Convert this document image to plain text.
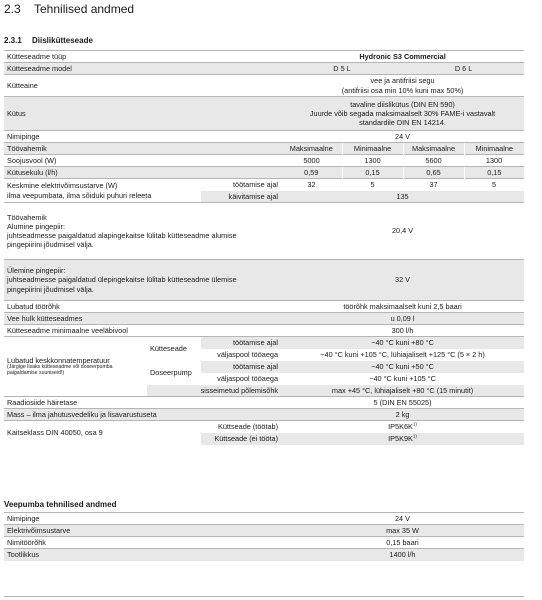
2.3 Tehnilised andmed
2.3.1 Diislikütteseade
Kütteseadme tüüp			Hydronic S3 Commercial			
Kütteseadme model			D 5 L		D 6 L	
Kütteaine			vee ja antifriisi segu
(antifriisi osa min 10% kuni max 50%)			

Kütus			tavaline diislikütus (DIN EN 590)
Juurde võib segada maksimaalselt 30% FAME-i vastavalt
standardile DIN EN 14214.			

Nimipinge			24 V			
Töövahemik			Maksimaalne	Minimaalne	Maksimaalne	Minimaalne
Soojusvool (W)			5000	1300	5600	1300
Kütusekulu (l/h)			0,59	0,15	0,65	0,15

Keskmine elektrivõimsustarve (W)
ilma veepumbata, ilma sõiduki puhuri releeta		töötamise ajal	32	5	37	5
		käivitamise ajal	135			

Töövahemik
Alumine pingepiir:
juhtseadmesse paigaldatud alapingekaitse lülitab kütteseadme alumise
pingepiirini jõudmisel välja.			20,4 V			

Ülemine pingepiir:
juhtseadmesse paigaldatud ülepingekaitse lülitab kütteseadme ülemise
pingepiirini jõudmisel välja.			32 V			
Lubatud töörõhk			töörõhk maksimaalselt kuni 2,5 baari			
Vee hulk kütteseadmes			u 0,09 l			
Kütteseadme minimaalne veeläbivool			300 l/h			

Lubatud keskkonnatemperatuur
(Järgige lisaks kütteseadme või doseerpumba
paigaldamise suuniseid!)	Kütteseade	töötamise ajal	−40 °C kuni +80 °C			
		väljaspool tööaega	−40 °C kuni +105 °C, lühiajaliselt +125 °C (5 × 2 h)			
	Doseerpump	töötamise ajal	−40 °C kuni +50 °C			
		väljaspool tööaega	−40 °C kuni +105 °C			
	sisseimetud põlemisõhk		max +45 °C, lühiajaliselt +80 °C (15 minutit)			
Raadiosiide häiretase			5 (DIN EN 55025)			
Mass – ilma jahutusvedeliku ja lisavarustuseta			2 kg			
Kaitseklass DIN 40050, osa 9		Küttseade (töötab)	$IP5K6K^{1)}$
		Küttseade (ei tööta)	$IP5K9K^{1)}$
Veepumba tehnilised andmed
Nimipinge	24 V
Elektrivõimsustarve	max 35 W
Nimitöörõhk	0,15 baari
Tootlikkus	1400 l/h
